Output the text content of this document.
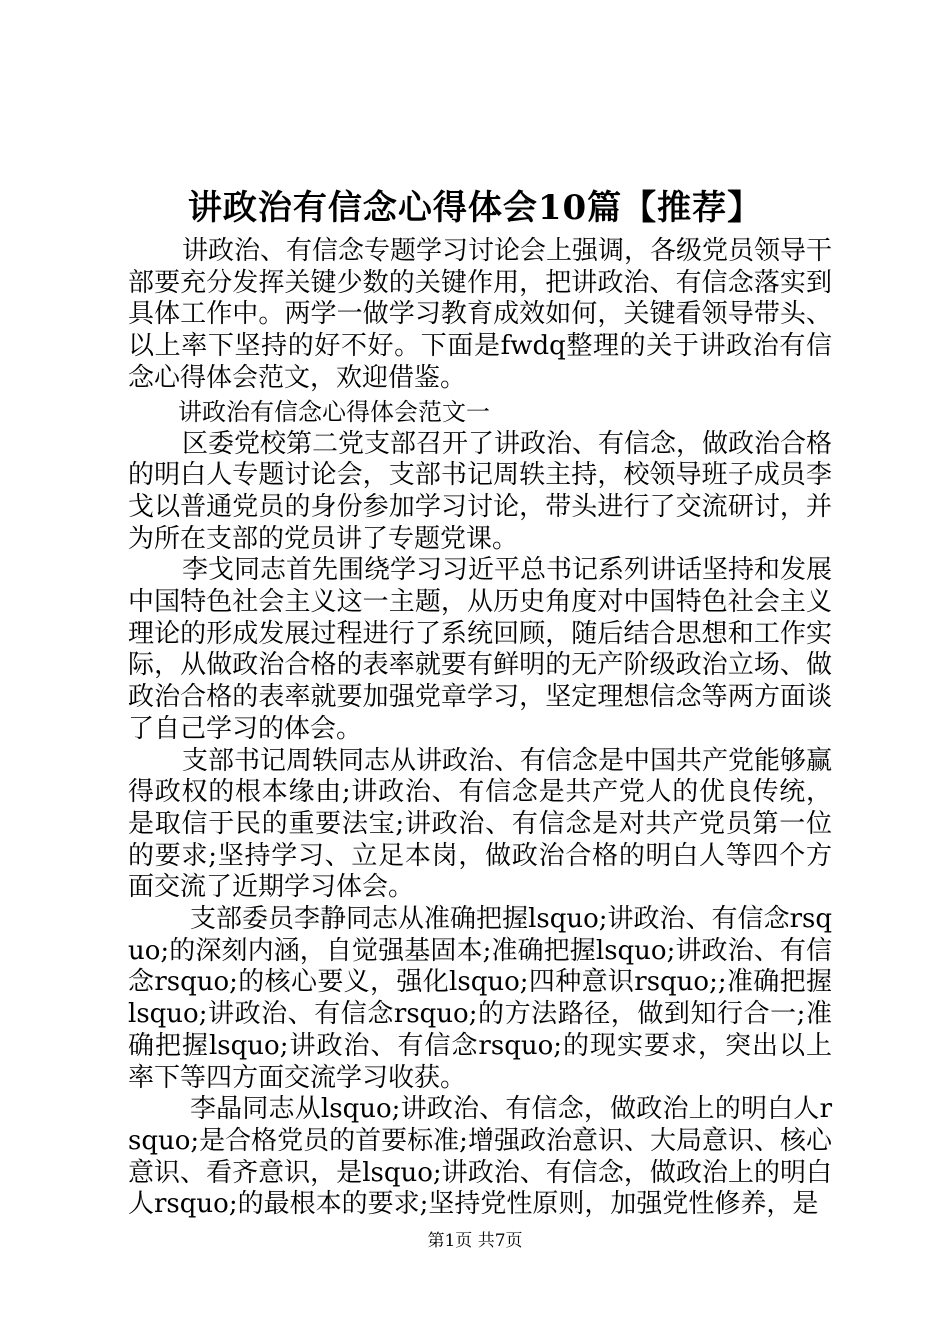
讲政治有信念心得体会10篇【推荐】

讲政治、有信念专题学习讨论会上强调，各级党员领导干部要充分发挥关键少数的关键作用，把讲政治、有信念落实到具体工作中。两学一做学习教育成效如何，关键看领导带头、以上率下坚持的好不好。下面是fwdq整理的关于讲政治有信念心得体会范文，欢迎借鉴。

讲政治有信念心得体会范文一

区委党校第二党支部召开了讲政治、有信念，做政治合格的明白人专题讨论会，支部书记周轶主持，校领导班子成员李戈以普通党员的身份参加学习讨论，带头进行了交流研讨，并为所在支部的党员讲了专题党课。

李戈同志首先围绕学习习近平总书记系列讲话坚持和发展中国特色社会主义这一主题，从历史角度对中国特色社会主义理论的形成发展过程进行了系统回顾，随后结合思想和工作实际，从做政治合格的表率就要有鲜明的无产阶级政治立场、做政治合格的表率就要加强党章学习，坚定理想信念等两方面谈了自己学习的体会。

支部书记周轶同志从讲政治、有信念是中国共产党能够赢得政权的根本缘由;讲政治、有信念是共产党人的优良传统，是取信于民的重要法宝;讲政治、有信念是对共产党员第一位的要求;坚持学习、立足本岗，做政治合格的明白人等四个方面交流了近期学习体会。

支部委员李静同志从准确把握lsquo;讲政治、有信念rsquo;的深刻内涵，自觉强基固本;准确把握lsquo;讲政治、有信念rsquo;的核心要义，强化lsquo;四种意识rsquo;;准确把握lsquo;讲政治、有信念rsquo;的方法路径，做到知行合一;准确把握lsquo;讲政治、有信念rsquo;的现实要求，突出以上率下等四方面交流学习收获。

李晶同志从lsquo;讲政治、有信念，做政治上的明白人rsquo;是合格党员的首要标准;增强政治意识、大局意识、核心意识、看齐意识，是lsquo;讲政治、有信念，做政治上的明白人rsquo;的最根本的要求;坚持党性原则，加强党性修养，是

第1页 共7页
